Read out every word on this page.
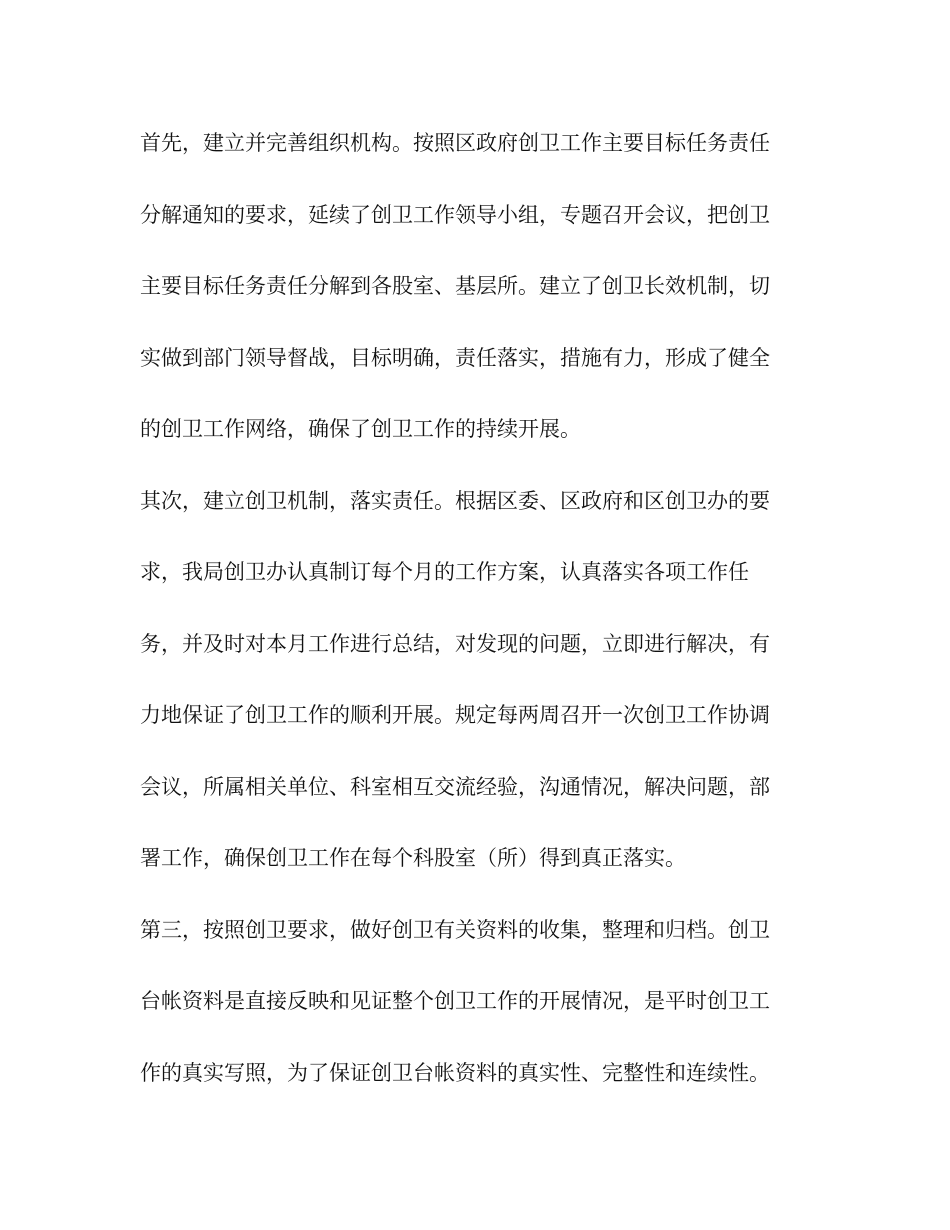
首先，建立并完善组织机构。按照区政府创卫工作主要目标任务责任

分解通知的要求，延续了创卫工作领导小组，专题召开会议，把创卫

主要目标任务责任分解到各股室、基层所。建立了创卫长效机制，切

实做到部门领导督战，目标明确，责任落实，措施有力，形成了健全

的创卫工作网络，确保了创卫工作的持续开展。

其次，建立创卫机制，落实责任。根据区委、区政府和区创卫办的要

求，我局创卫办认真制订每个月的工作方案，认真落实各项工作任

务，并及时对本月工作进行总结，对发现的问题，立即进行解决，有

力地保证了创卫工作的顺利开展。规定每两周召开一次创卫工作协调

会议，所属相关单位、科室相互交流经验，沟通情况，解决问题，部

署工作，确保创卫工作在每个科股室（所）得到真正落实。

第三，按照创卫要求，做好创卫有关资料的收集，整理和归档。创卫

台帐资料是直接反映和见证整个创卫工作的开展情况，是平时创卫工

作的真实写照，为了保证创卫台帐资料的真实性、完整性和连续性。
